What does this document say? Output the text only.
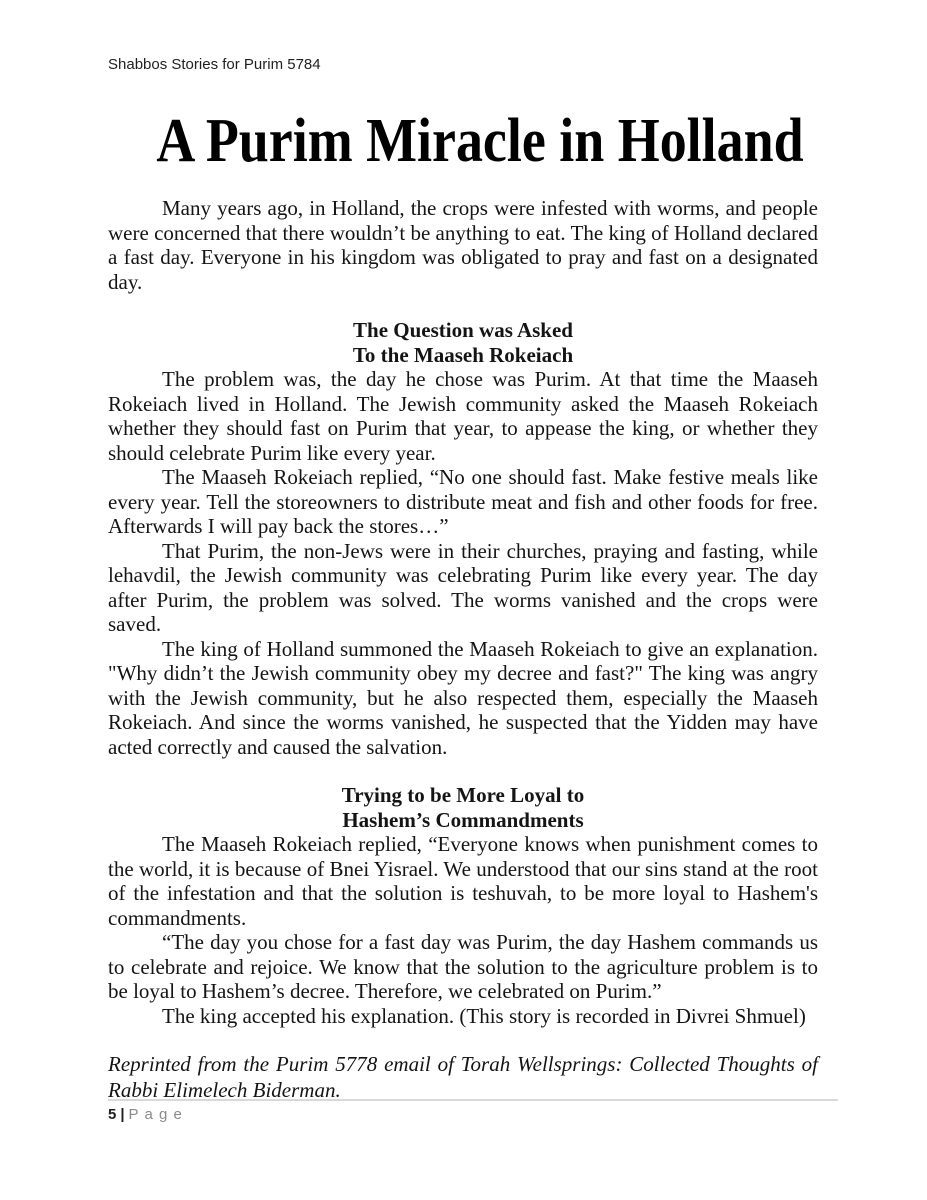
Shabbos Stories for Purim 5784
A Purim Miracle in Holland

Many years ago, in Holland, the crops were infested with worms, and people were concerned that there wouldn’t be anything to eat. The king of Holland declared a fast day. Everyone in his kingdom was obligated to pray and fast on a designated day.

The Question was Asked
To the Maaseh Rokeiach

The problem was, the day he chose was Purim. At that time the Maaseh Rokeiach lived in Holland. The Jewish community asked the Maaseh Rokeiach whether they should fast on Purim that year, to appease the king, or whether they should celebrate Purim like every year.

The Maaseh Rokeiach replied, “No one should fast. Make festive meals like every year. Tell the storeowners to distribute meat and fish and other foods for free. Afterwards I will pay back the stores…”

That Purim, the non-Jews were in their churches, praying and fasting, while lehavdil, the Jewish community was celebrating Purim like every year. The day after Purim, the problem was solved. The worms vanished and the crops were saved.

The king of Holland summoned the Maaseh Rokeiach to give an explanation. "Why didn’t the Jewish community obey my decree and fast?" The king was angry with the Jewish community, but he also respected them, especially the Maaseh Rokeiach. And since the worms vanished, he suspected that the Yidden may have acted correctly and caused the salvation.

Trying to be More Loyal to
Hashem’s Commandments

The Maaseh Rokeiach replied, “Everyone knows when punishment comes to the world, it is because of Bnei Yisrael. We understood that our sins stand at the root of the infestation and that the solution is teshuvah, to be more loyal to Hashem's commandments.

“The day you chose for a fast day was Purim, the day Hashem commands us to celebrate and rejoice. We know that the solution to the agriculture problem is to be loyal to Hashem’s decree. Therefore, we celebrated on Purim.”

The king accepted his explanation. (This story is recorded in Divrei Shmuel)

Reprinted from the Purim 5778 email of Torah Wellsprings: Collected Thoughts of Rabbi Elimelech Biderman.

5 | P a g e
